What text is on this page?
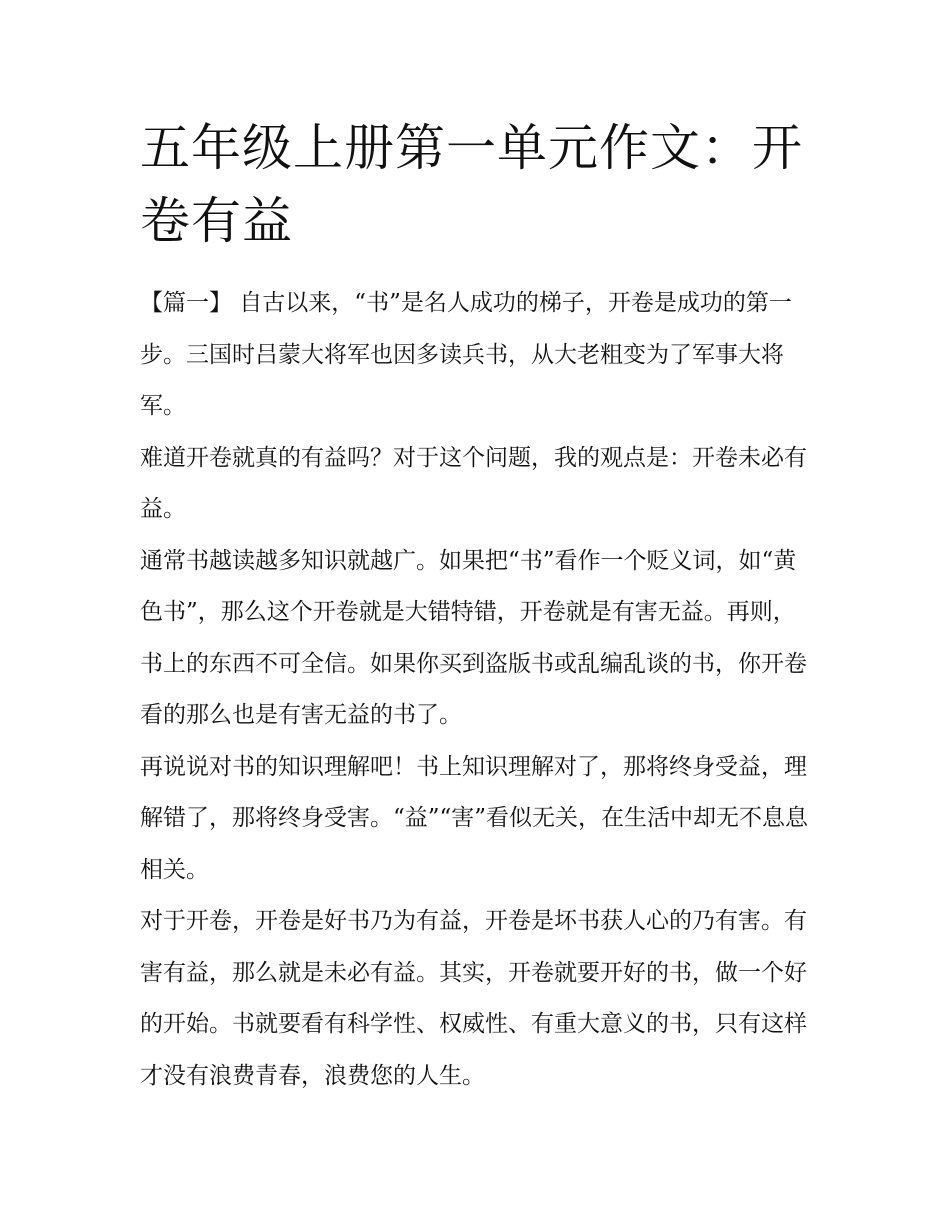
五年级上册第一单元作文：开卷有益

【篇一】 自古以来，“书”是名人成功的梯子，开卷是成功的第一步。三国时吕蒙大将军也因多读兵书，从大老粗变为了军事大将军。

难道开卷就真的有益吗？对于这个问题，我的观点是：开卷未必有益。

通常书越读越多知识就越广。如果把“书”看作一个贬义词，如“黄色书”，那么这个开卷就是大错特错，开卷就是有害无益。再则，书上的东西不可全信。如果你买到盗版书或乱编乱谈的书，你开卷看的那么也是有害无益的书了。

再说说对书的知识理解吧！书上知识理解对了，那将终身受益，理解错了，那将终身受害。“益”“害”看似无关，在生活中却无不息息相关。

对于开卷，开卷是好书乃为有益，开卷是坏书获人心的乃有害。有害有益，那么就是未必有益。其实，开卷就要开好的书，做一个好的开始。书就要看有科学性、权威性、有重大意义的书，只有这样才没有浪费青春，浪费您的人生。
